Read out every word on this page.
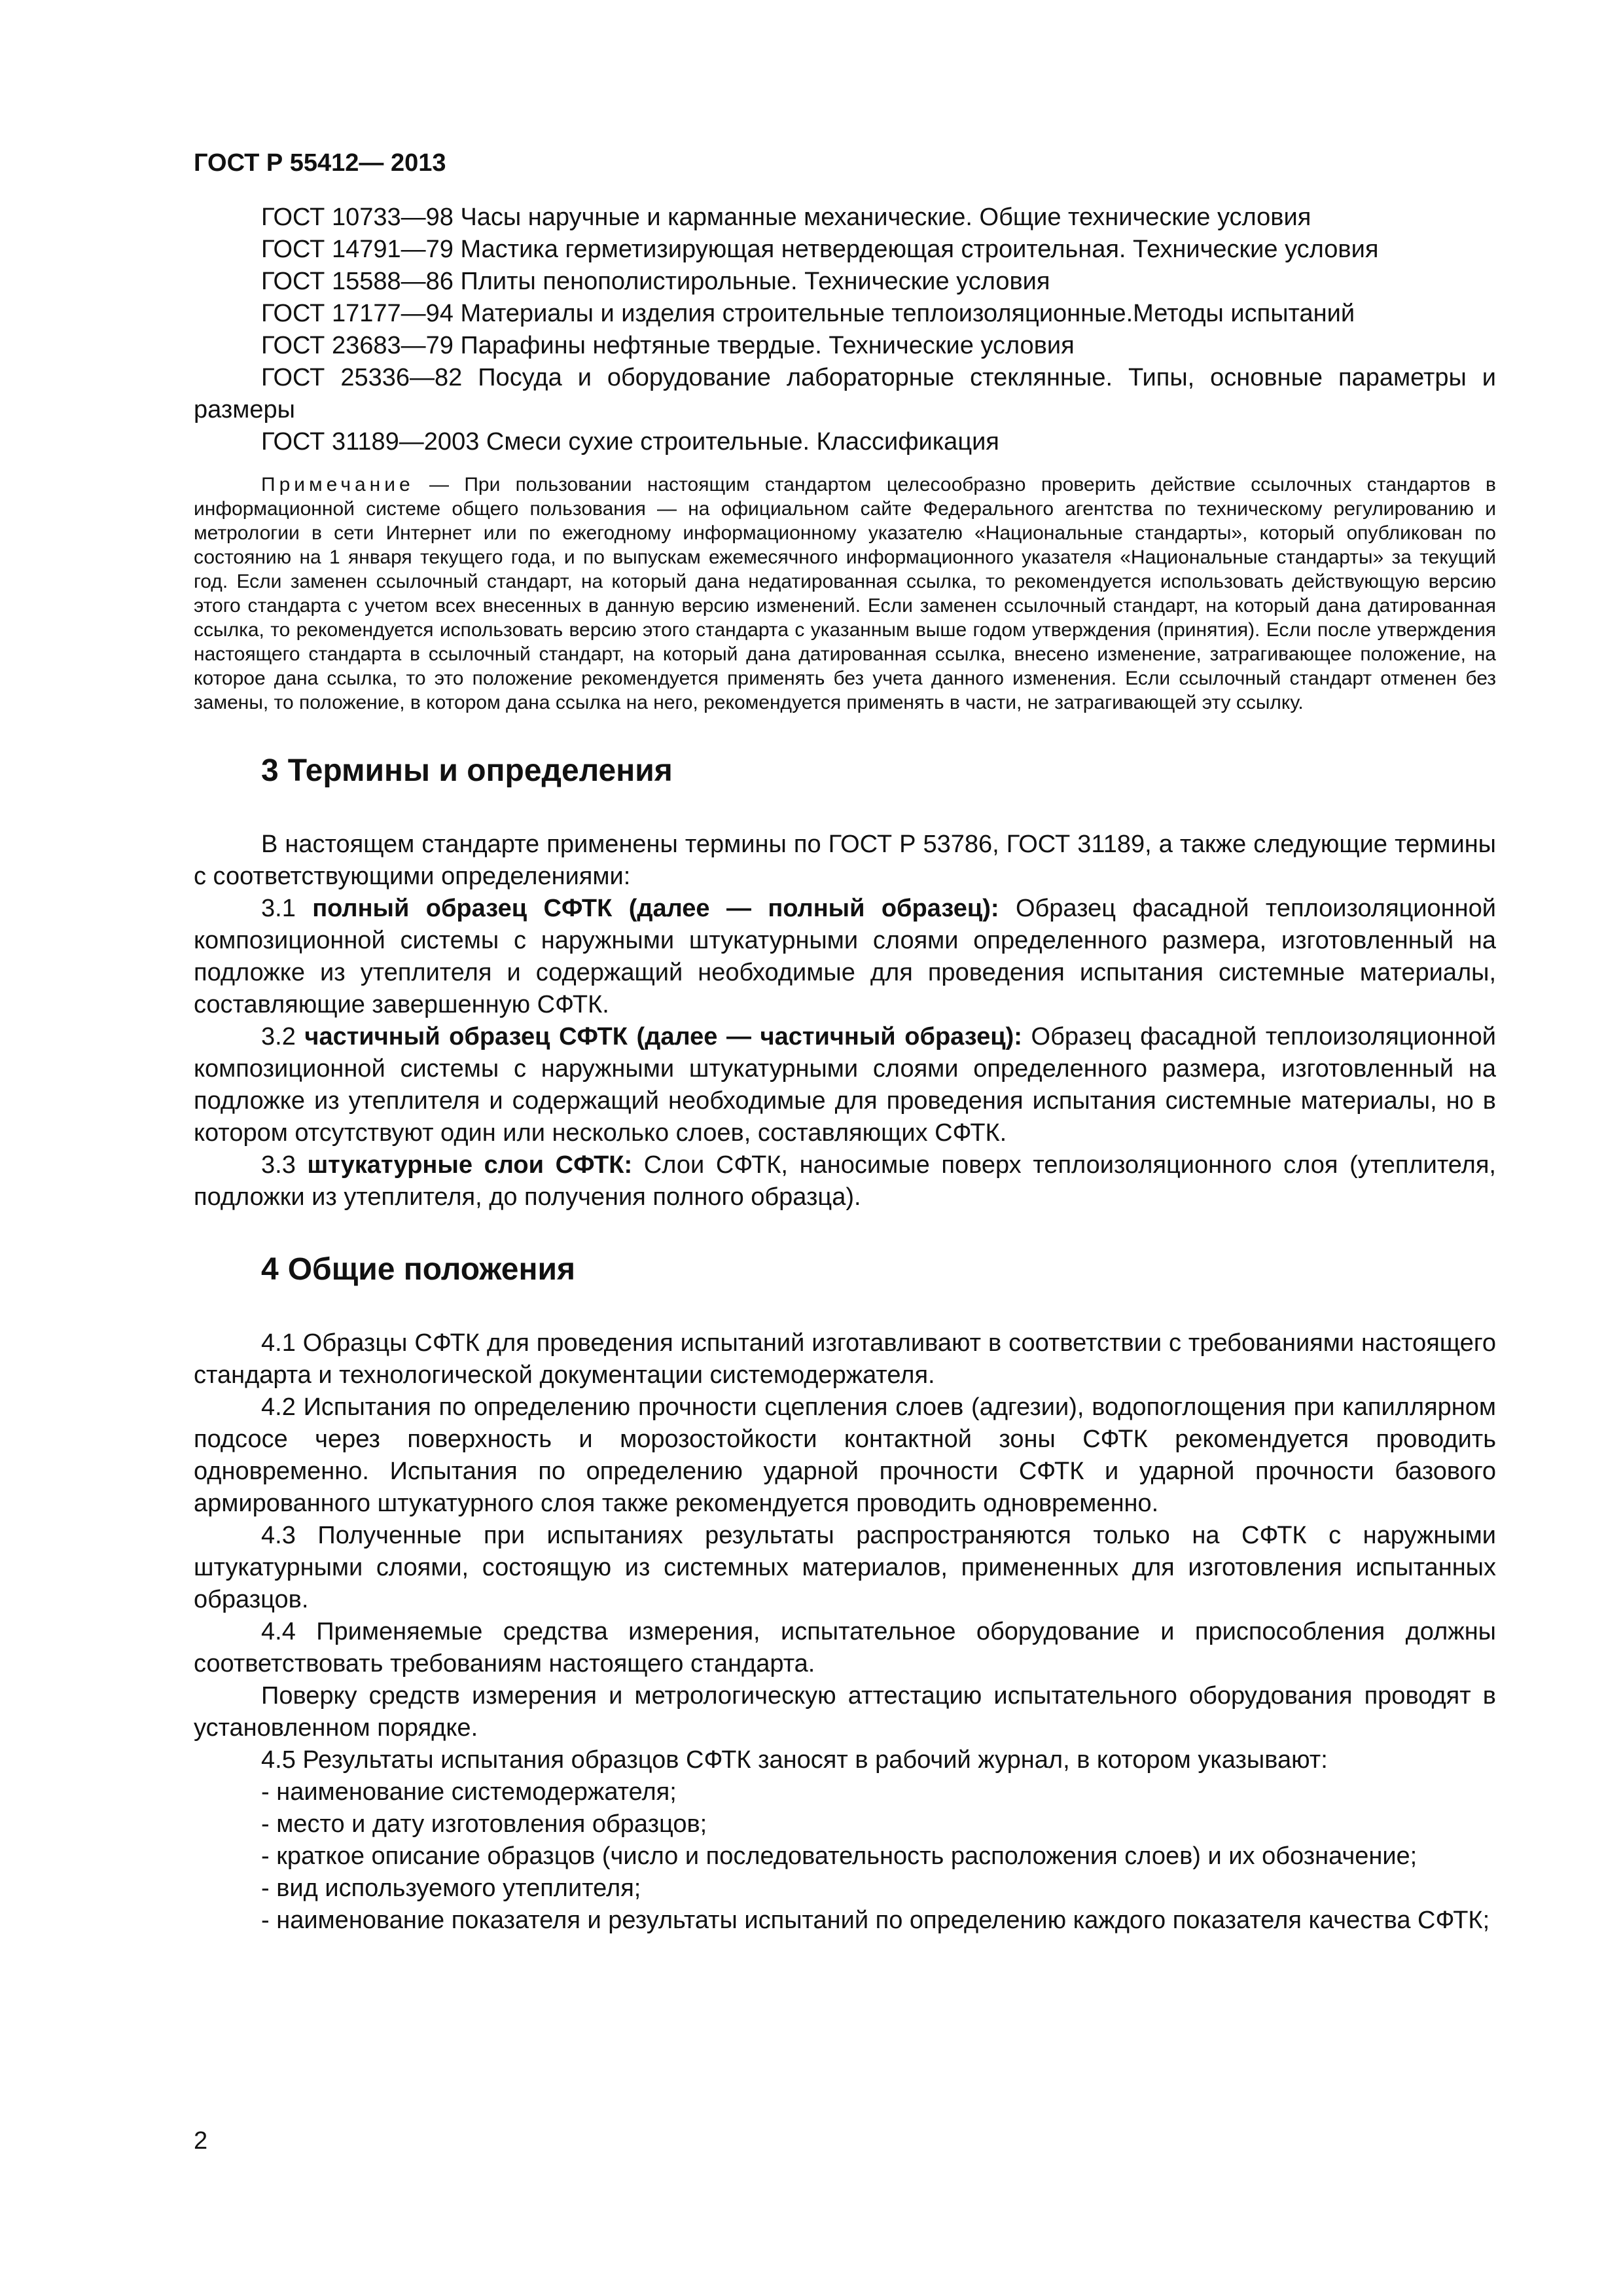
ГОСТ Р 55412— 2013

ГОСТ 10733—98 Часы наручные и карманные механические. Общие технические условия

ГОСТ 14791—79 Мастика герметизирующая нетвердеющая строительная. Технические условия

ГОСТ 15588—86 Плиты пенополистирольные. Технические условия

ГОСТ 17177—94 Материалы и изделия строительные теплоизоляционные.Методы испытаний

ГОСТ 23683—79 Парафины нефтяные твердые. Технические условия

ГОСТ 25336—82 Посуда и оборудование лабораторные стеклянные. Типы, основные параметры и размеры

ГОСТ 31189—2003 Смеси сухие строительные. Классификация

Примечание — При пользовании настоящим стандартом целесообразно проверить действие ссылочных стандартов в информационной системе общего пользования — на официальном сайте Федерального агентства по техническому регулированию и метрологии в сети Интернет или по ежегодному информационному указателю «Национальные стандарты», который опубликован по состоянию на 1 января текущего года, и по выпускам ежемесячного информационного указателя «Национальные стандарты» за текущий год. Если заменен ссылочный стандарт, на который дана недатированная ссылка, то рекомендуется использовать действующую версию этого стандарта с учетом всех внесенных в данную версию изменений. Если заменен ссылочный стандарт, на который дана датированная ссылка, то рекомендуется использовать версию этого стандарта с указанным выше годом утверждения (принятия). Если после утверждения настоящего стандарта в ссылочный стандарт, на который дана датированная ссылка, внесено изменение, затрагивающее положение, на которое дана ссылка, то это положение рекомендуется применять без учета данного изменения. Если ссылочный стандарт отменен без замены, то положение, в котором дана ссылка на него, рекомендуется применять в части, не затрагивающей эту ссылку.

3 Термины и определения

В настоящем стандарте применены термины по ГОСТ Р 53786, ГОСТ 31189, а также следующие термины с соответствующими определениями:

3.1 полный образец СФТК (далее — полный образец): Образец фасадной теплоизоляционной композиционной системы с наружными штукатурными слоями определенного размера, изготовленный на подложке из утеплителя и содержащий необходимые для проведения испытания системные материалы, составляющие завершенную СФТК.

3.2 частичный образец СФТК (далее — частичный образец): Образец фасадной теплоизоляционной композиционной системы с наружными штукатурными слоями определенного размера, изготовленный на подложке из утеплителя и содержащий необходимые для проведения испытания системные материалы, но в котором отсутствуют один или несколько слоев, составляющих СФТК.

3.3 штукатурные слои СФТК: Слои СФТК, наносимые поверх теплоизоляционного слоя (утеплителя, подложки из утеплителя, до получения полного образца).

4 Общие положения

4.1 Образцы СФТК для проведения испытаний изготавливают в соответствии с требованиями настоящего стандарта и технологической документации системодержателя.

4.2 Испытания по определению прочности сцепления слоев (адгезии), водопоглощения при капиллярном подсосе через поверхность и морозостойкости контактной зоны СФТК рекомендуется проводить одновременно. Испытания по определению ударной прочности СФТК и ударной прочности базового армированного штукатурного слоя также рекомендуется проводить одновременно.

4.3 Полученные при испытаниях результаты распространяются только на СФТК с наружными штукатурными слоями, состоящую из системных материалов, примененных для изготовления испытанных образцов.

4.4 Применяемые средства измерения, испытательное оборудование и приспособления должны соответствовать требованиям настоящего стандарта.

Поверку средств измерения и метрологическую аттестацию испытательного оборудования проводят в установленном порядке.

4.5 Результаты испытания образцов СФТК заносят в рабочий журнал, в котором указывают:

- наименование системодержателя;

- место и дату изготовления образцов;

- краткое описание образцов (число и последовательность расположения слоев) и их обозначение;

- вид используемого утеплителя;

- наименование показателя и результаты испытаний по определению каждого показателя качества СФТК;

2
